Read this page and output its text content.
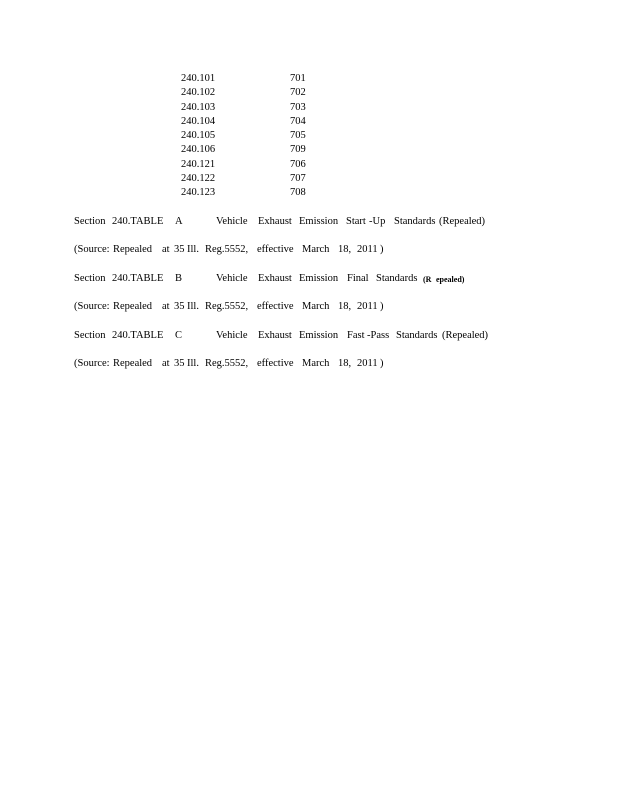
240.101	701
240.102	702
240.103	703
240.104	704
240.105	705
240.106	709
240.121	706
240.122	707
240.123	708
Section 240.TABLE A	Vehicle Exhaust Emission Start -Up Standards (Repealed)
(Source: Repealed at 35 Ill. Reg.5552, effective March 18, 2011 )
Section 240.TABLE B	Vehicle Exhaust Emission Final Standards (R epealed)
(Source: Repealed at 35 Ill. Reg.5552, effective March 18, 2011 )
Section 240.TABLE C	Vehicle Exhaust Emission Fast -Pass Standards (Repealed)
(Source: Repealed at 35 Ill. Reg.5552, effective March 18, 2011 )
